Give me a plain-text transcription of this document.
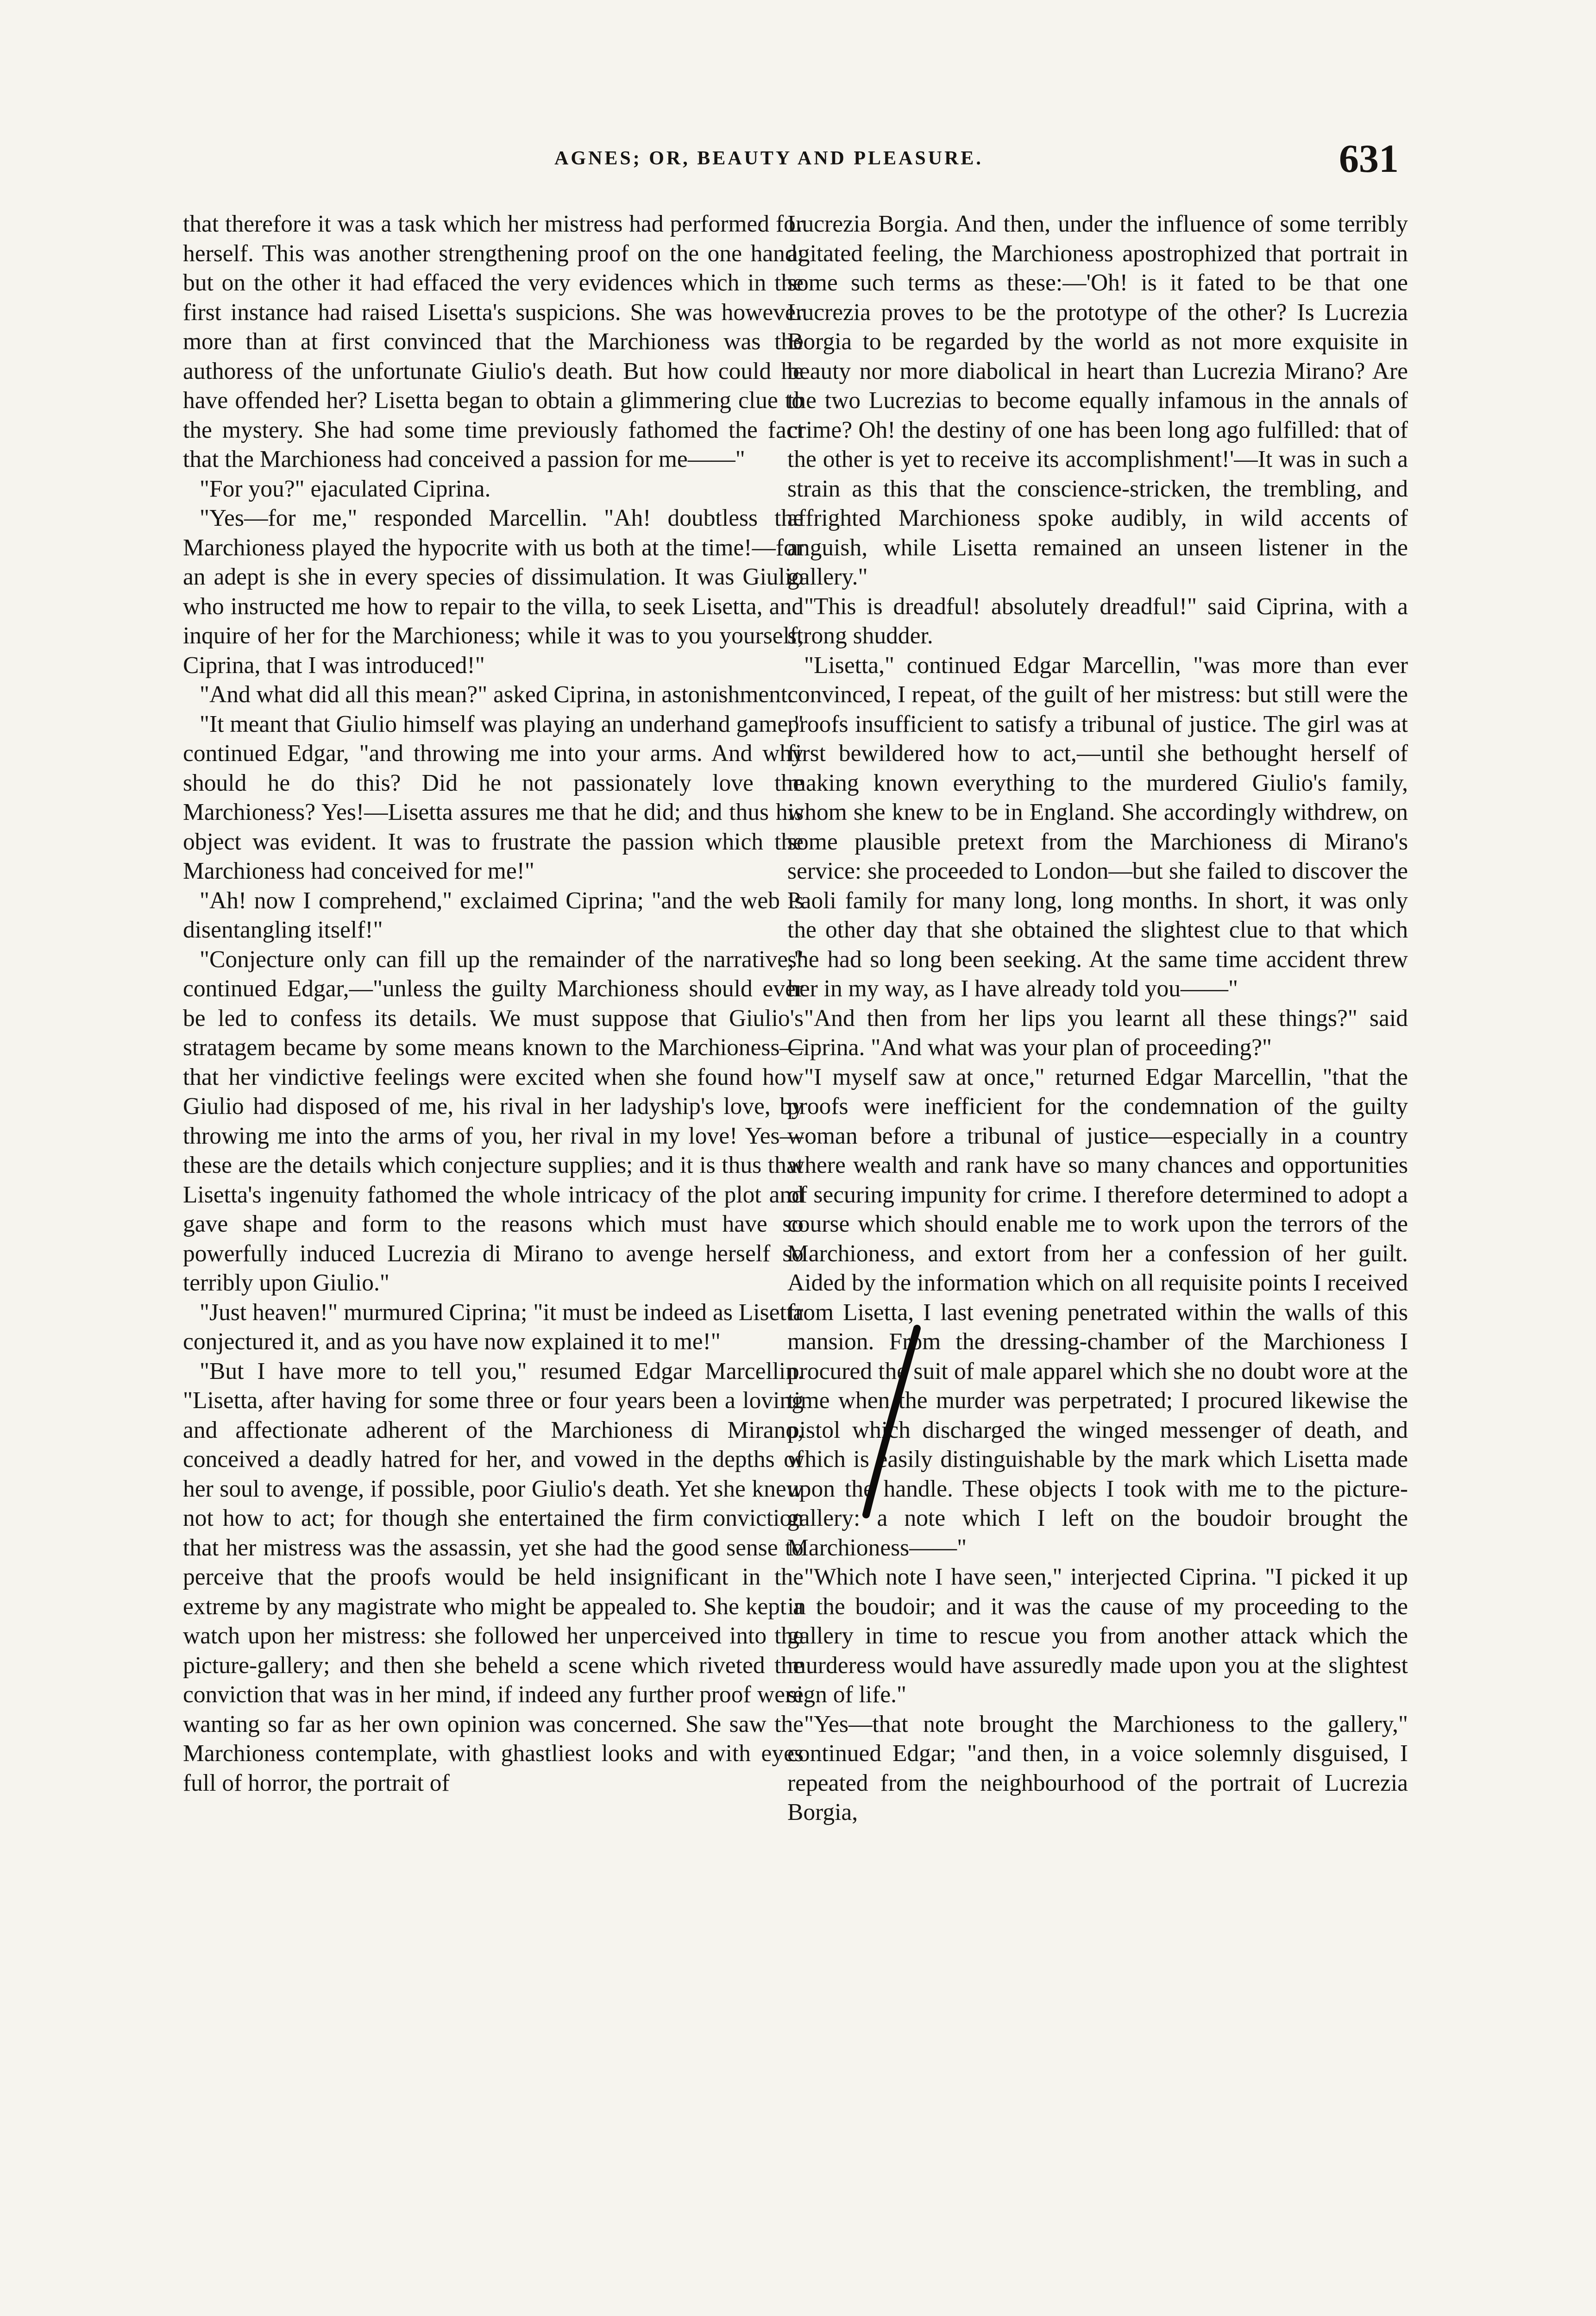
AGNES; OR, BEAUTY AND PLEASURE.	631

that therefore it was a task which her mistress had performed for herself. This was another strengthening proof on the one hand; but on the other it had effaced the very evidences which in the first instance had raised Lisetta's suspicions. She was however more than at first convinced that the Marchioness was the authoress of the unfortunate Giulio's death. But how could he have offended her? Lisetta began to obtain a glimmering clue to the mystery. She had some time previously fathomed the fact that the Marchioness had conceived a passion for me——"

"For you?" ejaculated Ciprina.

"Yes—for me," responded Marcellin. "Ah! doubtless the Marchioness played the hypocrite with us both at the time!—for an adept is she in every species of dissimulation. It was Giulio who instructed me how to repair to the villa, to seek Lisetta, and inquire of her for the Marchioness; while it was to you yourself, Ciprina, that I was introduced!"

"And what did all this mean?" asked Ciprina, in astonishment.

"It meant that Giulio himself was playing an underhand game," continued Edgar, "and throwing me into your arms. And why should he do this? Did he not passionately love the Marchioness? Yes!—Lisetta assures me that he did; and thus his object was evident. It was to frustrate the passion which the Marchioness had conceived for me!"

"Ah! now I comprehend," exclaimed Ciprina; "and the web is disentangling itself!"

"Conjecture only can fill up the remainder of the narrative," continued Edgar,—"unless the guilty Marchioness should ever be led to confess its details. We must suppose that Giulio's stratagem became by some means known to the Marchioness—that her vindictive feelings were excited when she found how Giulio had disposed of me, his rival in her ladyship's love, by throwing me into the arms of you, her rival in my love! Yes—these are the details which conjecture supplies; and it is thus that Lisetta's ingenuity fathomed the whole intricacy of the plot and gave shape and form to the reasons which must have so powerfully induced Lucrezia di Mirano to avenge herself so terribly upon Giulio."

"Just heaven!" murmured Ciprina; "it must be indeed as Lisetta conjectured it, and as you have now explained it to me!"

"But I have more to tell you," resumed Edgar Marcellin. "Lisetta, after having for some three or four years been a loving and affectionate adherent of the Marchioness di Mirano, conceived a deadly hatred for her, and vowed in the depths of her soul to avenge, if possible, poor Giulio's death. Yet she knew not how to act; for though she entertained the firm conviction that her mistress was the assassin, yet she had the good sense to perceive that the proofs would be held insignificant in the extreme by any magistrate who might be appealed to. She kept a watch upon her mistress: she followed her unperceived into the picture-gallery; and then she beheld a scene which riveted the conviction that was in her mind, if indeed any further proof were wanting so far as her own opinion was concerned. She saw the Marchioness contemplate, with ghastliest looks and with eyes full of horror, the portrait of

Lucrezia Borgia. And then, under the influence of some terribly agitated feeling, the Marchioness apostrophized that portrait in some such terms as these:—'Oh! is it fated to be that one Lucrezia proves to be the prototype of the other? Is Lucrezia Borgia to be regarded by the world as not more exquisite in beauty nor more diabolical in heart than Lucrezia Mirano? Are the two Lucrezias to become equally infamous in the annals of crime? Oh! the destiny of one has been long ago fulfilled: that of the other is yet to receive its accomplishment!'—It was in such a strain as this that the conscience-stricken, the trembling, and affrighted Marchioness spoke audibly, in wild accents of anguish, while Lisetta remained an unseen listener in the gallery."

"This is dreadful! absolutely dreadful!" said Ciprina, with a strong shudder.

"Lisetta," continued Edgar Marcellin, "was more than ever convinced, I repeat, of the guilt of her mistress: but still were the proofs insufficient to satisfy a tribunal of justice. The girl was at first bewildered how to act,—until she bethought herself of making known everything to the murdered Giulio's family, whom she knew to be in England. She accordingly withdrew, on some plausible pretext from the Marchioness di Mirano's service: she proceeded to London—but she failed to discover the Paoli family for many long, long months. In short, it was only the other day that she obtained the slightest clue to that which she had so long been seeking. At the same time accident threw her in my way, as I have already told you——"

"And then from her lips you learnt all these things?" said Ciprina. "And what was your plan of proceeding?"

"I myself saw at once," returned Edgar Marcellin, "that the proofs were inefficient for the condemnation of the guilty woman before a tribunal of justice—especially in a country where wealth and rank have so many chances and opportunities of securing impunity for crime. I therefore determined to adopt a course which should enable me to work upon the terrors of the Marchioness, and extort from her a confession of her guilt. Aided by the information which on all requisite points I received from Lisetta, I last evening penetrated within the walls of this mansion. From the dressing-chamber of the Marchioness I procured the suit of male apparel which she no doubt wore at the time when the murder was perpetrated; I procured likewise the pistol which discharged the winged messenger of death, and which is easily distinguishable by the mark which Lisetta made upon the handle. These objects I took with me to the picture-gallery: a note which I left on the boudoir brought the Marchioness——"

"Which note I have seen," interjected Ciprina. "I picked it up in the boudoir; and it was the cause of my proceeding to the gallery in time to rescue you from another attack which the murderess would have assuredly made upon you at the slightest sign of life."

"Yes—that note brought the Marchioness to the gallery," continued Edgar; "and then, in a voice solemnly disguised, I repeated from the neighbourhood of the portrait of Lucrezia Borgia,
